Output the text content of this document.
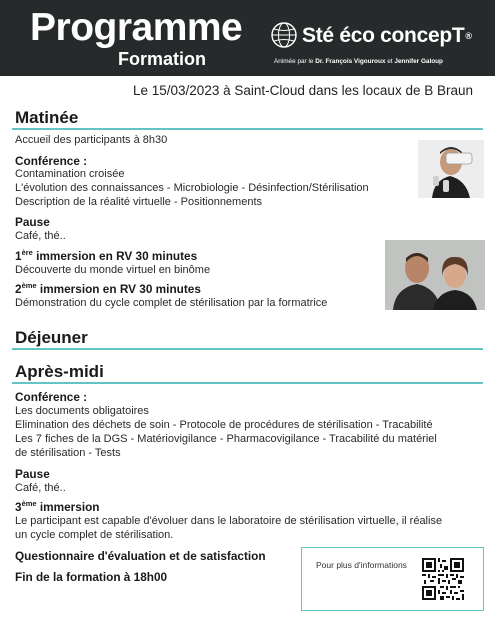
Programme
Formation
Sté éco concepT®
Animée par le Dr. François Vigouroux et Jennifer Galoup
Le 15/03/2023 à Saint-Cloud dans les locaux de B Braun
Matinée
Accueil des participants à 8h30
Conférence :
Contamination croisée
L'évolution des connaissances - Microbiologie - Désinfection/Stérilisation
Description de la réalité virtuelle - Positionnements
Pause
Café, thé..
1ère immersion en RV 30 minutes
Découverte du monde virtuel en binôme
2ème immersion en RV 30 minutes
Démonstration du cycle complet de stérilisation par la formatrice
Déjeuner
Après-midi
Conférence :
Les documents obligatoires
Elimination des déchets de soin - Protocole de procédures de stérilisation - Tracabilité
Les 7 fiches de la DGS - Matériovigilance - Pharmacovigilance - Tracabilité du matériel
de stérilisation - Tests
Pause
Café, thé..
3ème immersion
Le participant est capable d'évoluer dans le laboratoire de stérilisation virtuelle, il réalise
un cycle complet de stérilisation.
Questionnaire d'évaluation et de satisfaction
Fin de la formation à 18h00
Pour plus d'informations
